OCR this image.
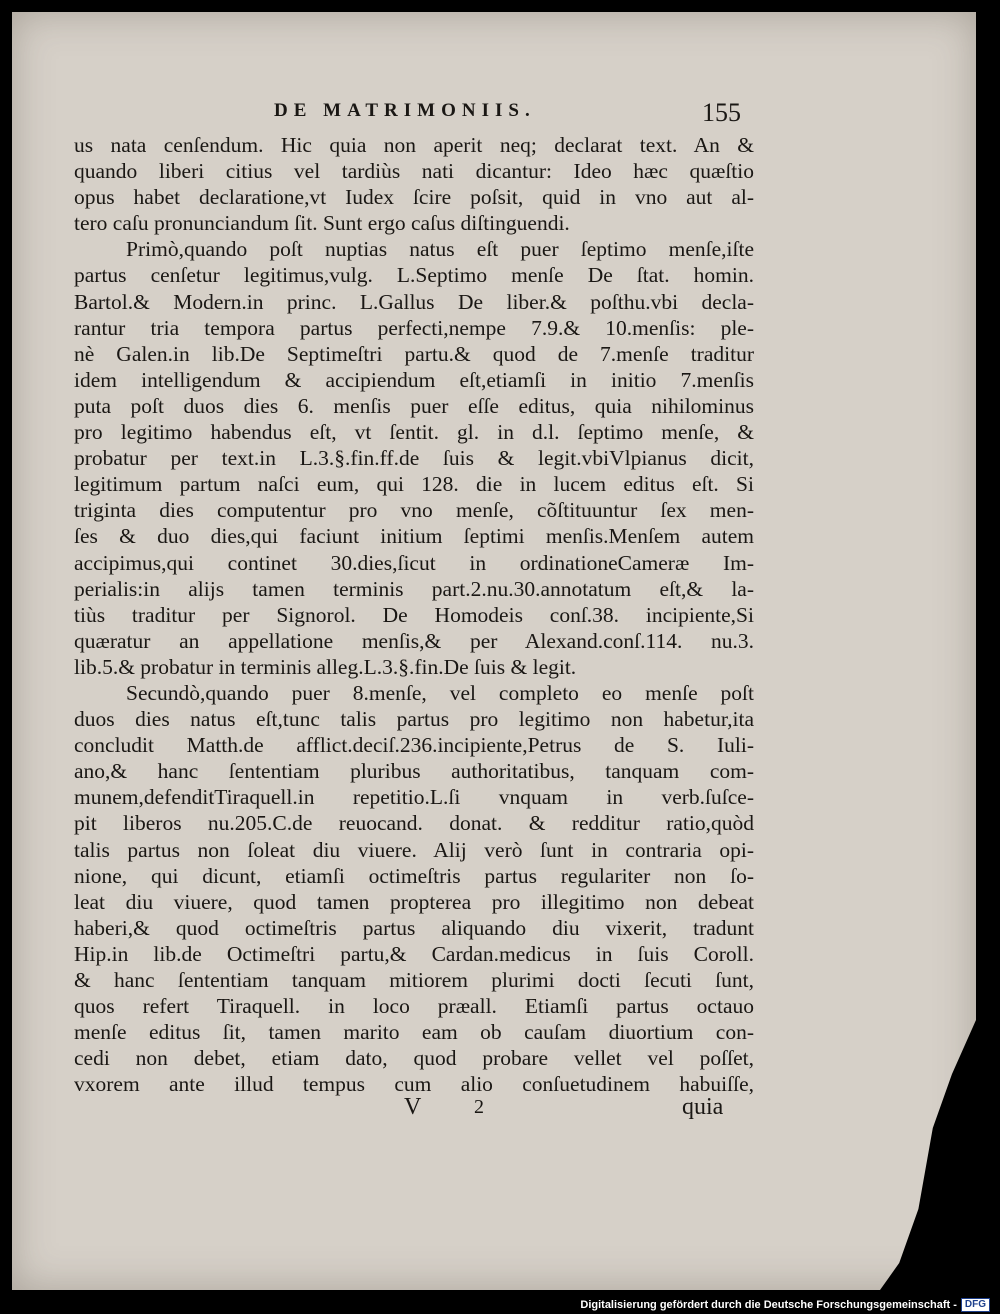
DE MATRIMONIIS.	155
us nata cenſendum. Hic quia non aperit neq; declarat text. An &
quando liberi citius vel tardiùs nati dicantur: Ideo hæc quæſtio
opus habet declaratione,vt Iudex ſcire poſsit, quid in vno aut al-
tero caſu pronunciandum ſit. Sunt ergo caſus diſtinguendi.
Primò,quando poſt nuptias natus eſt puer ſeptimo menſe,iſte
partus cenſetur legitimus,vulg. L.Septimo menſe De ſtat. homin.
Bartol.& Modern.in princ. L.Gallus De liber.& poſthu.vbi decla-
rantur tria tempora partus perfecti,nempe 7.9.& 10.menſis: ple-
nè Galen.in lib.De Septimeſtri partu.& quod de 7.menſe traditur
idem intelligendum & accipiendum eſt,etiamſi in initio 7.menſis
puta poſt duos dies 6. menſis puer eſſe editus, quia nihilominus
pro legitimo habendus eſt, vt ſentit. gl. in d.l. ſeptimo menſe, &
probatur per text.in L.3.§.fin.ff.de ſuis & legit.vbiVlpianus dicit,
legitimum partum naſci eum, qui 128. die in lucem editus eſt. Si
triginta dies computentur pro vno menſe, cõſtituuntur ſex men-
ſes & duo dies,qui faciunt initium ſeptimi menſis.Menſem autem
accipimus,qui continet 30.dies,ſicut in ordinationeCameræ Im-
perialis:in alijs tamen terminis part.2.nu.30.annotatum eſt,& la-
tiùs traditur per Signorol. De Homodeis conſ.38. incipiente,Si
quæratur an appellatione menſis,& per Alexand.conſ.114. nu.3.
lib.5.& probatur in terminis alleg.L.3.§.fin.De ſuis & legit.
Secundò,quando puer 8.menſe, vel completo eo menſe poſt
duos dies natus eſt,tunc talis partus pro legitimo non habetur,ita
concludit Matth.de afflict.deciſ.236.incipiente,Petrus de S. Iuli-
ano,& hanc ſententiam pluribus authoritatibus, tanquam com-
munem,defenditTiraquell.in repetitio.L.ſi vnquam in verb.ſuſce-
pit liberos nu.205.C.de reuocand. donat. & redditur ratio,quòd
talis partus non ſoleat diu viuere. Alij verò ſunt in contraria opi-
nione, qui dicunt, etiamſi octimeſtris partus regulariter non ſo-
leat diu viuere, quod tamen propterea pro illegitimo non debeat
haberi,& quod octimeſtris partus aliquando diu vixerit, tradunt
Hip.in lib.de Octimeſtri partu,& Cardan.medicus in ſuis Coroll.
& hanc ſententiam tanquam mitiorem plurimi docti ſecuti ſunt,
quos refert Tiraquell. in loco præall. Etiamſi partus octauo
menſe editus ſit, tamen marito eam ob cauſam diuortium con-
cedi non debet, etiam dato, quod probare vellet vel poſſet,
vxorem ante illud tempus cum alio conſuetudinem habuiſſe,
V	2	quia
Digitalisierung gefördert durch die Deutsche Forschungsgemeinschaft - DFG
